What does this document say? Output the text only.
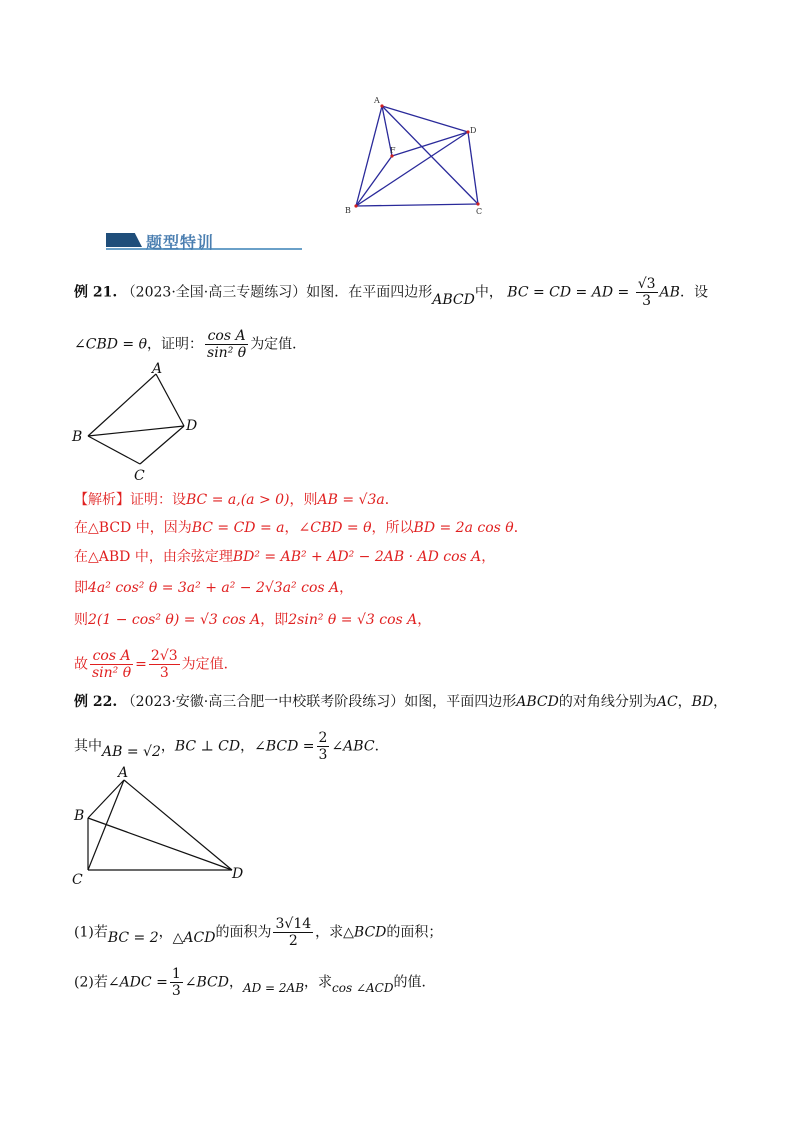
A
D
F
B	C
题型特训
例 21. （2023·全国·高三专题练习）如图．在平面四边形ABCD中， BC = CD = AD = $\frac{√3}{3}$ AB．设
∠CBD = θ，证明： $\frac{\text{cos A}}{\text{sin² θ}}$ 为定值．
A
B
D
C
【解析】证明：设BC = a,(a > 0)，则AB = √3a．
在△BCD 中，因为BC = CD = a，∠CBD = θ，所以BD = 2a cos θ．
在△ABD 中，由余弦定理BD² = AB² + AD² − 2AB · AD cos A，
即4a² cos² θ = 3a² + a² − 2√3a² cos A，
则2(1 − cos² θ) = √3 cos A，即2sin² θ = √3 cos A，
故 $\frac{\text{cos A}}{\text{sin² θ}} = \frac{2√3}{3}$ 为定值．
例 22. （2023·安徽·高三合肥一中校联考阶段练习）如图，平面四边形ABCD的对角线分别为AC，BD，
其中AB = √2，BC ⊥ CD，∠BCD = $\frac{2}{3}$ ∠ABC．
A
B
C	D
(1)若BC = 2，△ACD的面积为 $\frac{3√14}{2}$ ，求△BCD的面积；
(2)若∠ADC = $\frac{1}{3}$ ∠BCD，AD = 2AB，求cos ∠ACD的值．
